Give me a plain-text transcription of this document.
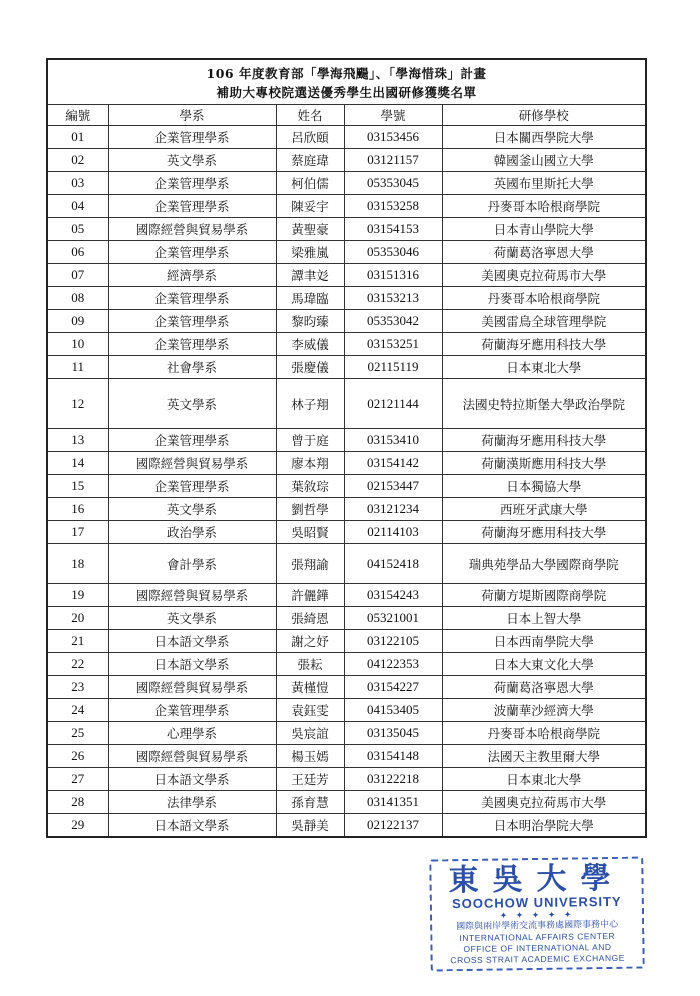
106 年度教育部「學海飛颺」、「學海惜珠」計畫
補助大專校院選送優秀學生出國研修獲獎名單
編號	學系	姓名	學號	研修學校
01	企業管理學系	呂欣頤	03153456	日本關西學院大學
02	英文學系	蔡庭瑋	03121157	韓國釜山國立大學
03	企業管理學系	柯伯儒	05353045	英國布里斯托大學
04	企業管理學系	陳妥宇	03153258	丹麥哥本哈根商學院
05	國際經營與貿易學系	黃聖豪	03154153	日本青山學院大學
06	企業管理學系	梁雅嵐	05353046	荷蘭葛洛寧恩大學
07	經濟學系	譚聿彣	03151316	美國奧克拉荷馬市大學
08	企業管理學系	馬瑋臨	03153213	丹麥哥本哈根商學院
09	企業管理學系	黎昀臻	05353042	美國雷鳥全球管理學院
10	企業管理學系	李威儀	03153251	荷蘭海牙應用科技大學
11	社會學系	張慶儀	02115119	日本東北大學
12	英文學系	林子翔	02121144	法國史特拉斯堡大學政治學院
13	企業管理學系	曾于庭	03153410	荷蘭海牙應用科技大學
14	國際經營與貿易學系	廖本翔	03154142	荷蘭漢斯應用科技大學
15	企業管理學系	葉敘琮	02153447	日本獨協大學
16	英文學系	劉哲學	03121234	西班牙武康大學
17	政治學系	吳昭賢	02114103	荷蘭海牙應用科技大學
18	會計學系	張翔諭	04152418	瑞典苑學品大學國際商學院
19	國際經營與貿易學系	許儷鏵	03154243	荷蘭方堤斯國際商學院
20	英文學系	張綺恩	05321001	日本上智大學
21	日本語文學系	謝之妤	03122105	日本西南學院大學
22	日本語文學系	張耘	04122353	日本大東文化大學
23	國際經營與貿易學系	黃槿愷	03154227	荷蘭葛洛寧恩大學
24	企業管理學系	袁鈺雯	04153405	波蘭華沙經濟大學
25	心理學系	吳宸誼	03135045	丹麥哥本哈根商學院
26	國際經營與貿易學系	楊玉嫣	03154148	法國天主教里爾大學
27	日本語文學系	王廷芳	03122218	日本東北大學
28	法律學系	孫育慧	03141351	美國奧克拉荷馬市大學
29	日本語文學系	吳靜美	02122137	日本明治學院大學
東吳大學
SOOCHOW UNIVERSITY
✦ ✦ ✦ ✦ ✦
國際與兩岸學術交流事務處國際事務中心
INTERNATIONAL AFFAIRS CENTER
OFFICE OF INTERNATIONAL AND
CROSS STRAIT ACADEMIC EXCHANGE
